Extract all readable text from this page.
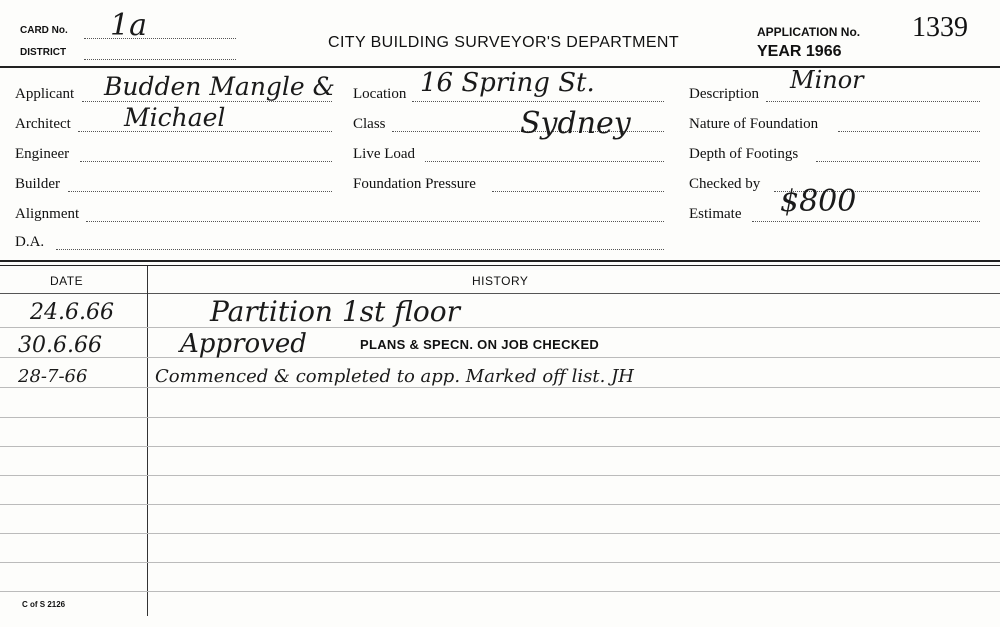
CARD No. 1a
DISTRICT
CITY BUILDING SURVEYOR'S DEPARTMENT
APPLICATION No. 1339
YEAR 1966
Applicant Budden Mangle &
Architect Michael
Engineer
Builder
Alignment
D.A.
Location 16 Spring St.
Class	Sydney
Live Load
Foundation Pressure
Description Minor
Nature of Foundation
Depth of Footings
Checked by
Estimate $800
DATE	HISTORY
24.6.66	Partition 1st floor
30.6.66	Approved	PLANS & SPECN. ON JOB CHECKED
28-7-66	Commenced & completed to app. Marked off list. JH
C of S 2126
